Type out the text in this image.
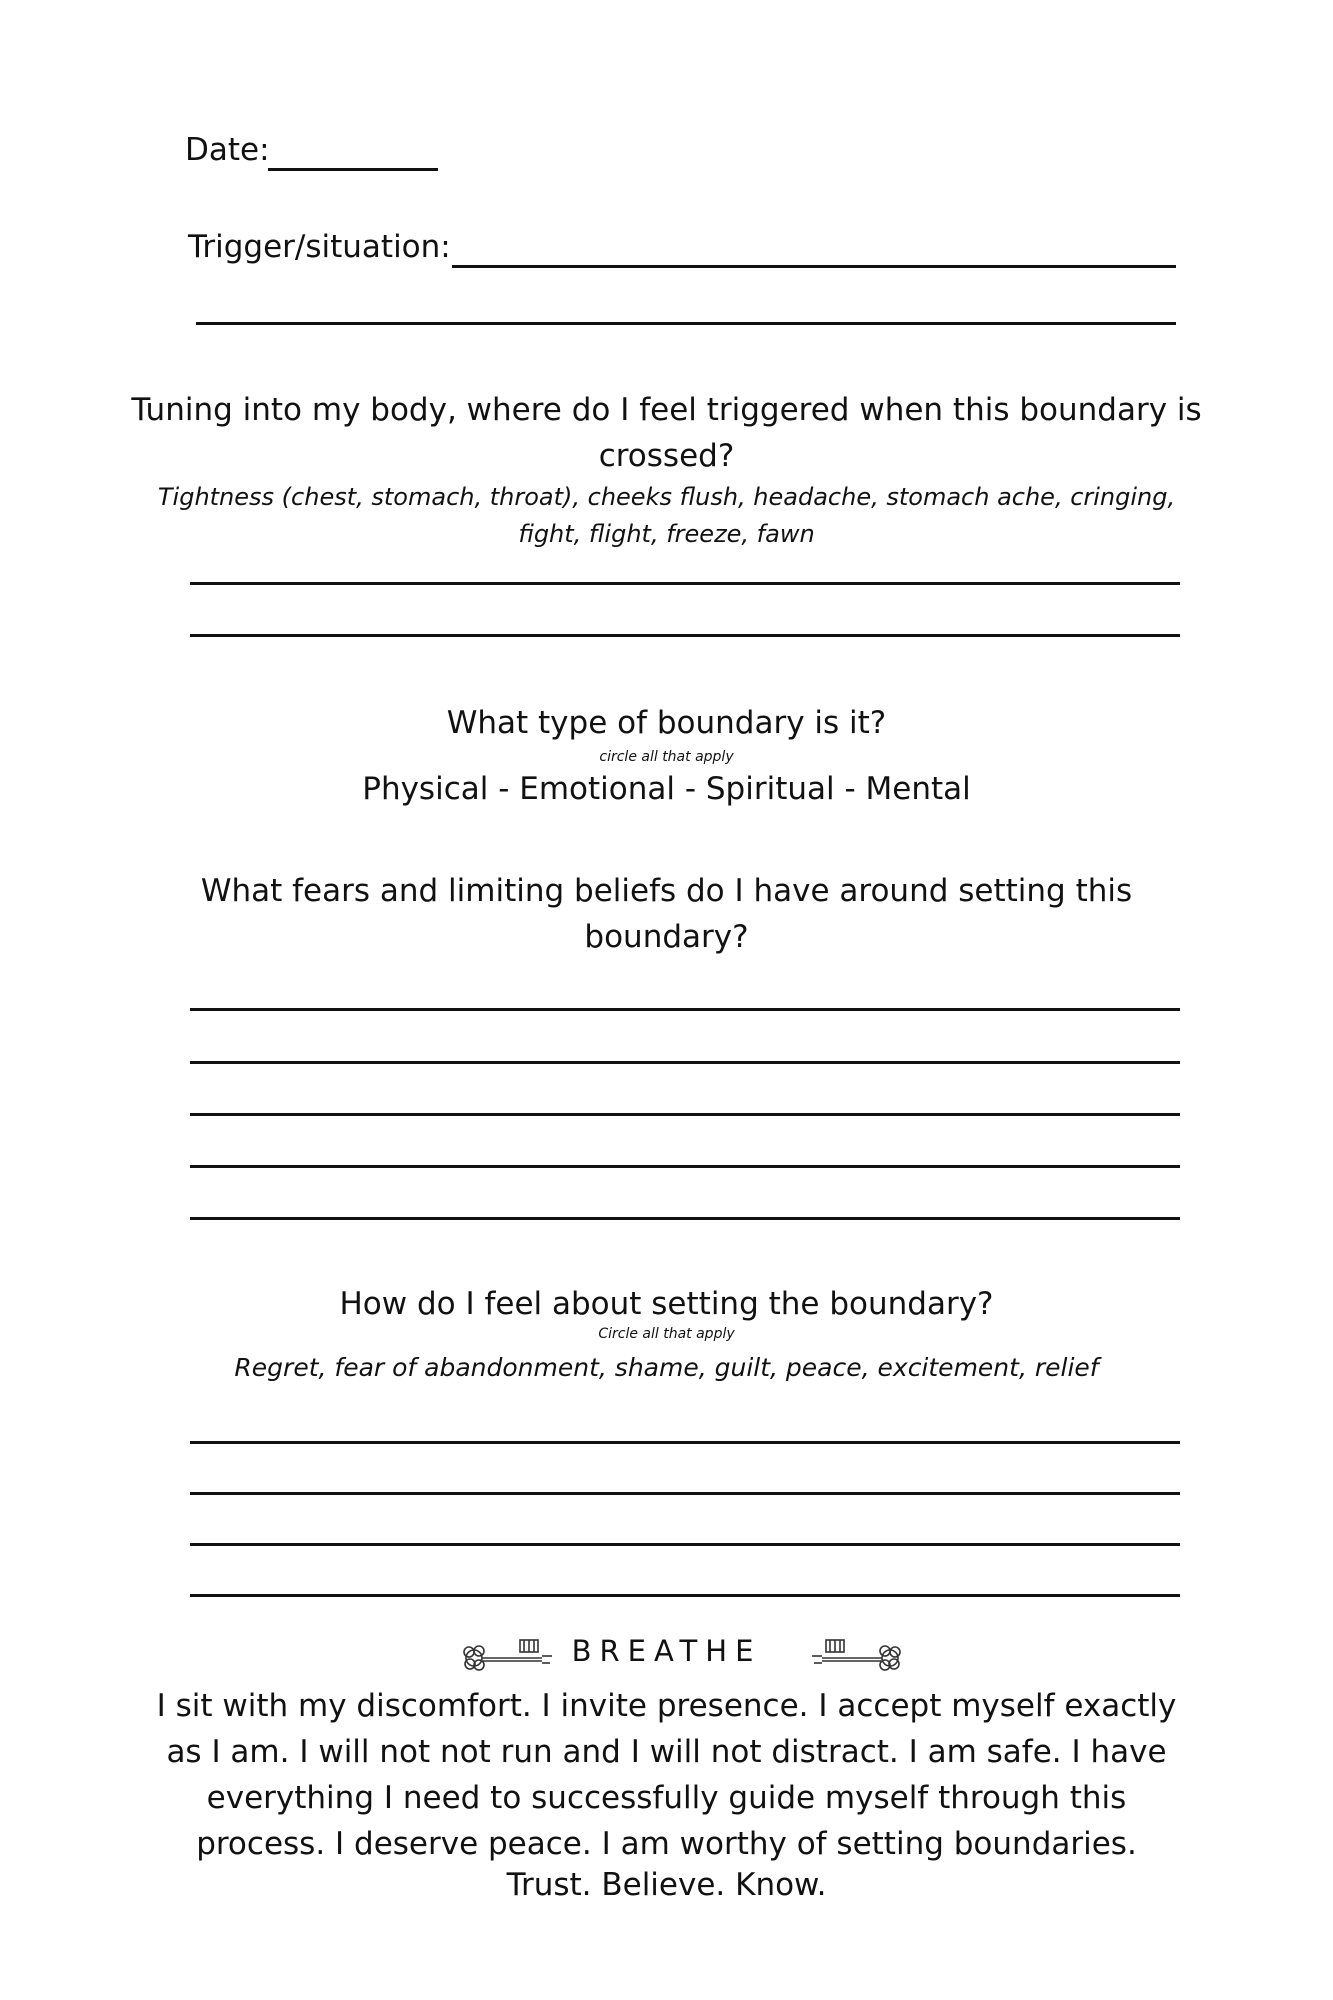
Date:
Trigger/situation:
Tuning into my body, where do I feel triggered when this boundary is crossed?
Tightness (chest, stomach, throat), cheeks flush, headache, stomach ache, cringing, fight, flight, freeze, fawn
What type of boundary is it?
circle all that apply
Physical - Emotional - Spiritual - Mental
What fears and limiting beliefs do I have around setting this boundary?
How do I feel about setting the boundary?
Circle all that apply
Regret, fear of abandonment, shame, guilt, peace, excitement, relief
BREATHE
I sit with my discomfort. I invite presence. I accept myself exactly as I am. I will not not run and I will not distract. I am safe. I have everything I need to successfully guide myself through this process. I deserve peace. I am worthy of setting boundaries.
Trust. Believe. Know.
